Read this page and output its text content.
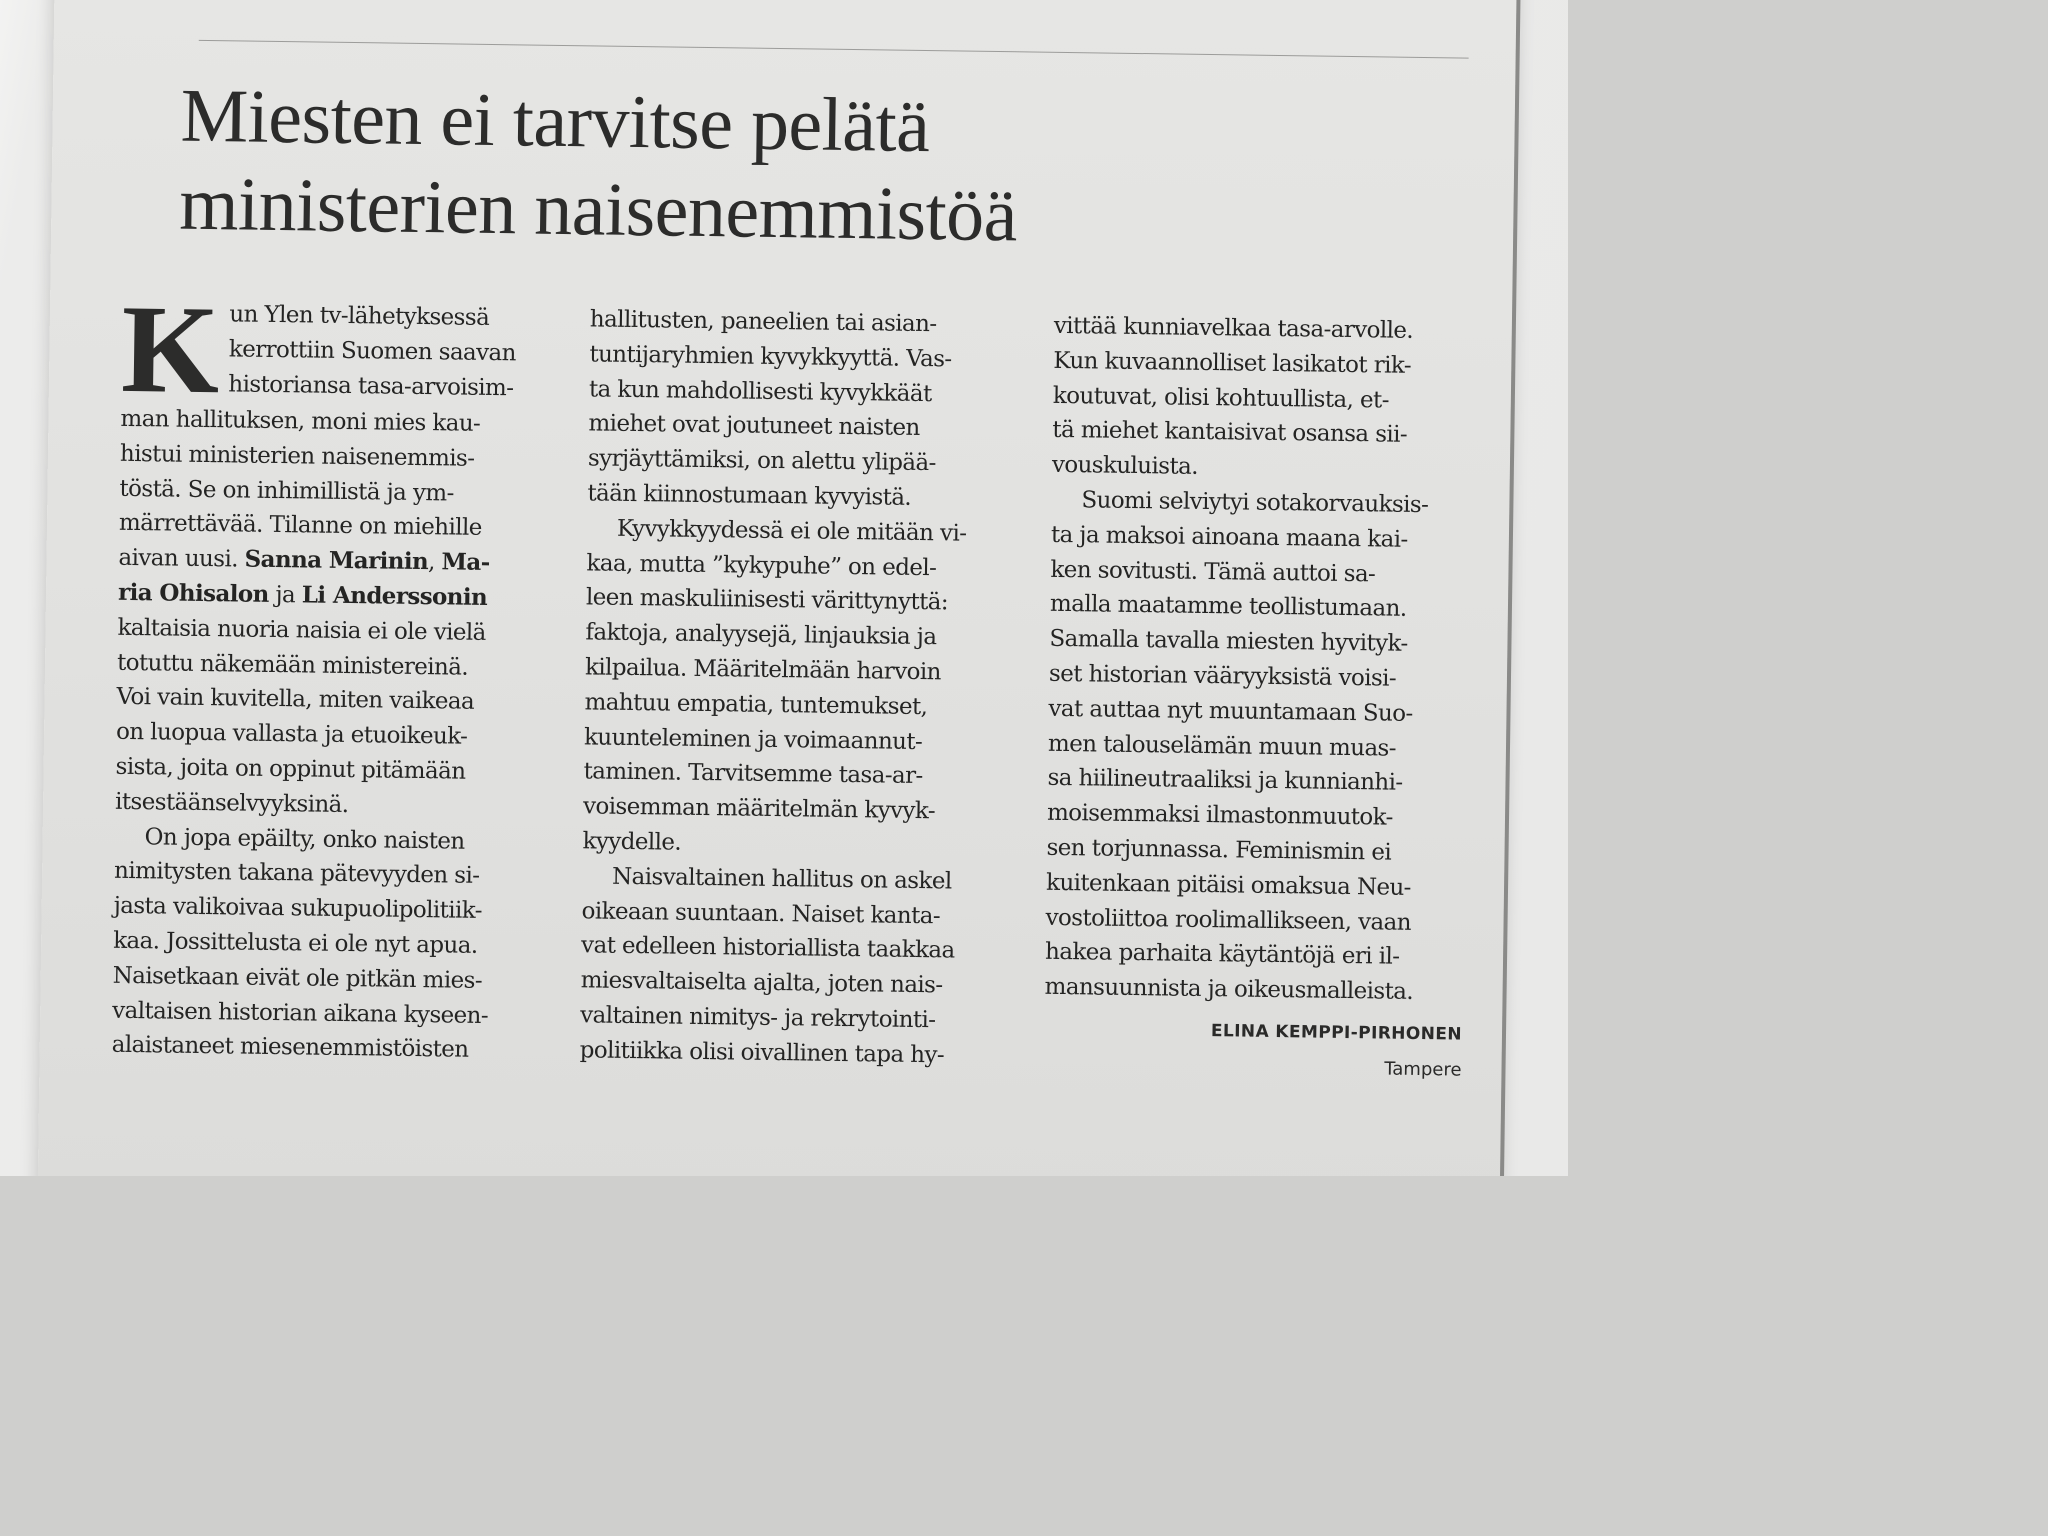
Miesten ei tarvitse pelätä
ministerien naisenemmistöä

K un Ylen tv-lähetyksessä
kerrottiin Suomen saavan
historiansa tasa-arvoisim-
man hallituksen, moni mies kau-
histui ministerien naisenemmis-
töstä. Se on inhimillistä ja ym-
märrettävää. Tilanne on miehille
aivan uusi. Sanna Marinin, Ma-
ria Ohisalon ja Li Anderssonin
kaltaisia nuoria naisia ei ole vielä
totuttu näkemään ministereinä.
Voi vain kuvitella, miten vaikeaa
on luopua vallasta ja etuoikeuk-
sista, joita on oppinut pitämään
itsestäänselvyyksinä.

On jopa epäilty, onko naisten
nimitysten takana pätevyyden si-
jasta valikoivaa sukupuolipolitiik-
kaa. Jossittelusta ei ole nyt apua.
Naisetkaan eivät ole pitkän mies-
valtaisen historian aikana kyseen-
alaistaneet miesenemmistöisten

hallitusten, paneelien tai asian-
tuntijaryhmien kyvykkyyttä. Vas-
ta kun mahdollisesti kyvykkäät
miehet ovat joutuneet naisten
syrjäyttämiksi, on alettu ylipää-
tään kiinnostumaan kyvyistä.

Kyvykkyydessä ei ole mitään vi-
kaa, mutta ”kykypuhe” on edel-
leen maskuliinisesti värittynyttä:
faktoja, analyysejä, linjauksia ja
kilpailua. Määritelmään harvoin
mahtuu empatia, tuntemukset,
kuunteleminen ja voimaannut-
taminen. Tarvitsemme tasa-ar-
voisemman määritelmän kyvyk-
kyydelle.

Naisvaltainen hallitus on askel
oikeaan suuntaan. Naiset kanta-
vat edelleen historiallista taakkaa
miesvaltaiselta ajalta, joten nais-
valtainen nimitys- ja rekrytointi-
politiikka olisi oivallinen tapa hy-

vittää kunniavelkaa tasa-arvolle.
Kun kuvaannolliset lasikatot rik-
koutuvat, olisi kohtuullista, et-
tä miehet kantaisivat osansa sii-
vouskuluista.

Suomi selviytyi sotakorvauksis-
ta ja maksoi ainoana maana kai-
ken sovitusti. Tämä auttoi sa-
malla maatamme teollistumaan.
Samalla tavalla miesten hyvityk-
set historian vääryyksistä voisi-
vat auttaa nyt muuntamaan Suo-
men talouselämän muun muas-
sa hiilineutraaliksi ja kunnianhi-
moisemmaksi ilmastonmuutok-
sen torjunnassa. Feminismin ei
kuitenkaan pitäisi omaksua Neu-
vostoliittoa roolimallikseen, vaan
hakea parhaita käytäntöjä eri il-
mansuunnista ja oikeusmalleista.

ELINA KEMPPI-PIRHONEN
Tampere
